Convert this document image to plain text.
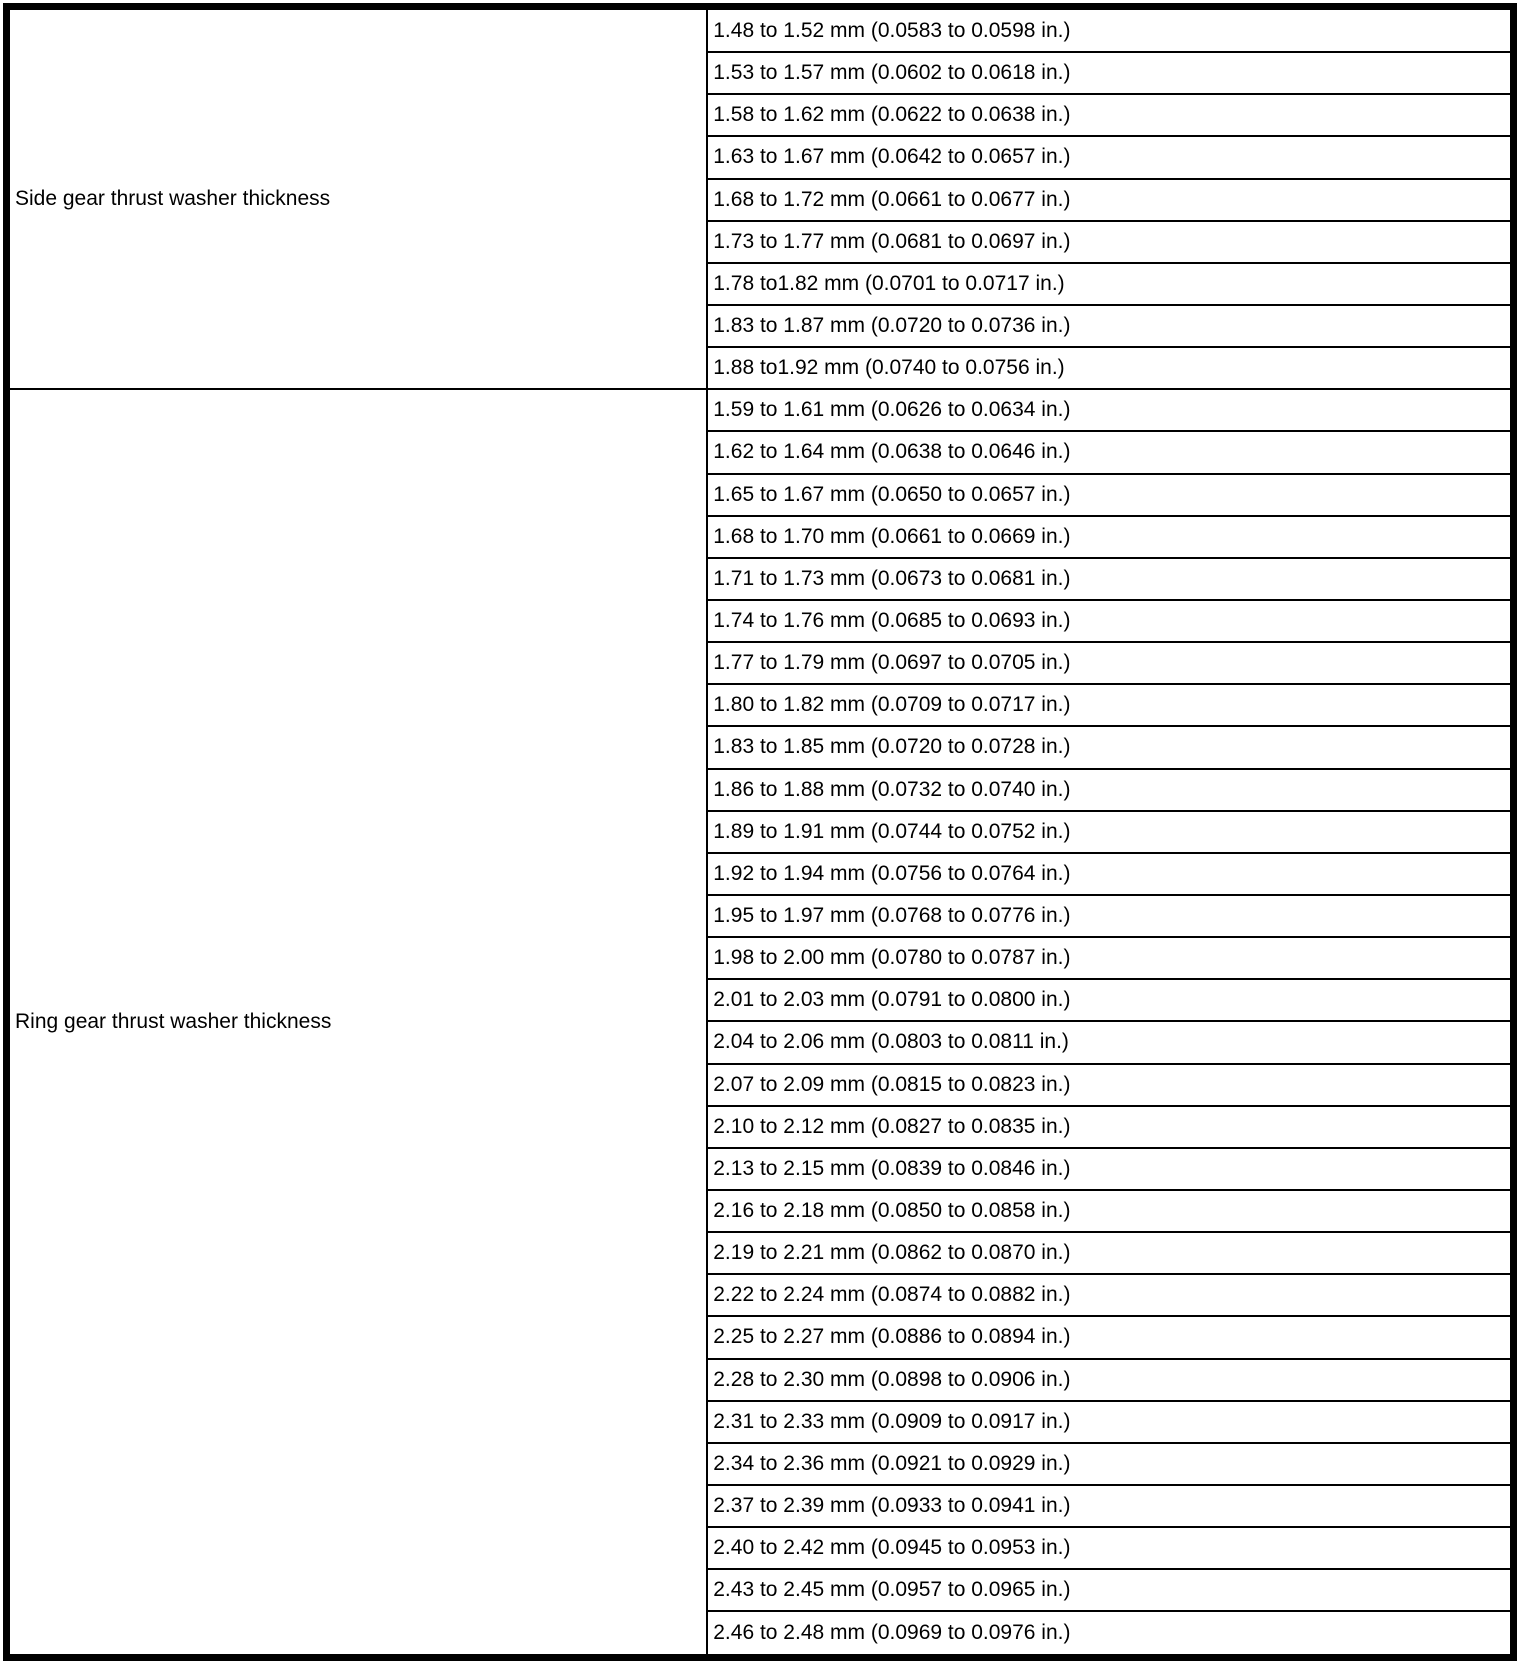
Side gear thrust washer thickness	1.48 to 1.52 mm (0.0583 to 0.0598 in.)
	1.53 to 1.57 mm (0.0602 to 0.0618 in.)
	1.58 to 1.62 mm (0.0622 to 0.0638 in.)
	1.63 to 1.67 mm (0.0642 to 0.0657 in.)
	1.68 to 1.72 mm (0.0661 to 0.0677 in.)
	1.73 to 1.77 mm (0.0681 to 0.0697 in.)
	1.78 to1.82 mm (0.0701 to 0.0717 in.)
	1.83 to 1.87 mm (0.0720 to 0.0736 in.)
	1.88 to1.92 mm (0.0740 to 0.0756 in.)
Ring gear thrust washer thickness	1.59 to 1.61 mm (0.0626 to 0.0634 in.)
	1.62 to 1.64 mm (0.0638 to 0.0646 in.)
	1.65 to 1.67 mm (0.0650 to 0.0657 in.)
	1.68 to 1.70 mm (0.0661 to 0.0669 in.)
	1.71 to 1.73 mm (0.0673 to 0.0681 in.)
	1.74 to 1.76 mm (0.0685 to 0.0693 in.)
	1.77 to 1.79 mm (0.0697 to 0.0705 in.)
	1.80 to 1.82 mm (0.0709 to 0.0717 in.)
	1.83 to 1.85 mm (0.0720 to 0.0728 in.)
	1.86 to 1.88 mm (0.0732 to 0.0740 in.)
	1.89 to 1.91 mm (0.0744 to 0.0752 in.)
	1.92 to 1.94 mm (0.0756 to 0.0764 in.)
	1.95 to 1.97 mm (0.0768 to 0.0776 in.)
	1.98 to 2.00 mm (0.0780 to 0.0787 in.)
	2.01 to 2.03 mm (0.0791 to 0.0800 in.)
	2.04 to 2.06 mm (0.0803 to 0.0811 in.)
	2.07 to 2.09 mm (0.0815 to 0.0823 in.)
	2.10 to 2.12 mm (0.0827 to 0.0835 in.)
	2.13 to 2.15 mm (0.0839 to 0.0846 in.)
	2.16 to 2.18 mm (0.0850 to 0.0858 in.)
	2.19 to 2.21 mm (0.0862 to 0.0870 in.)
	2.22 to 2.24 mm (0.0874 to 0.0882 in.)
	2.25 to 2.27 mm (0.0886 to 0.0894 in.)
	2.28 to 2.30 mm (0.0898 to 0.0906 in.)
	2.31 to 2.33 mm (0.0909 to 0.0917 in.)
	2.34 to 2.36 mm (0.0921 to 0.0929 in.)
	2.37 to 2.39 mm (0.0933 to 0.0941 in.)
	2.40 to 2.42 mm (0.0945 to 0.0953 in.)
	2.43 to 2.45 mm (0.0957 to 0.0965 in.)
	2.46 to 2.48 mm (0.0969 to 0.0976 in.)
